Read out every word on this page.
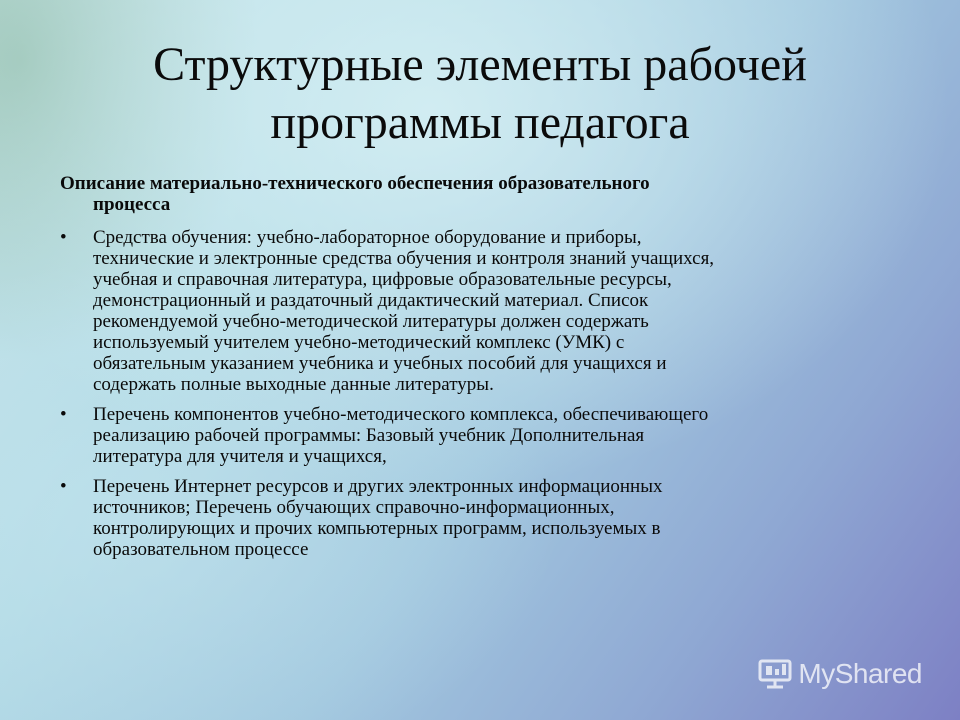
Структурные элементы рабочей
программы педагога

Описание материально-технического обеспечения образовательного
процесса

• Средства обучения: учебно-лабораторное оборудование и приборы,
технические и электронные средства обучения и контроля знаний учащихся,
учебная и справочная литература, цифровые образовательные ресурсы,
демонстрационный и раздаточный дидактический материал. Список
рекомендуемой учебно-методической литературы должен содержать
используемый учителем учебно-методический комплекс (УМК) с
обязательным указанием учебника и учебных пособий для учащихся и
содержать полные выходные данные литературы.
• Перечень компонентов учебно-методического комплекса, обеспечивающего
реализацию рабочей программы: Базовый учебник Дополнительная
литература для учителя и учащихся,
• Перечень Интернет ресурсов и других электронных информационных
источников; Перечень обучающих справочно-информационных,
контролирующих и прочих компьютерных программ, используемых в
образовательном процессе
MyShared
